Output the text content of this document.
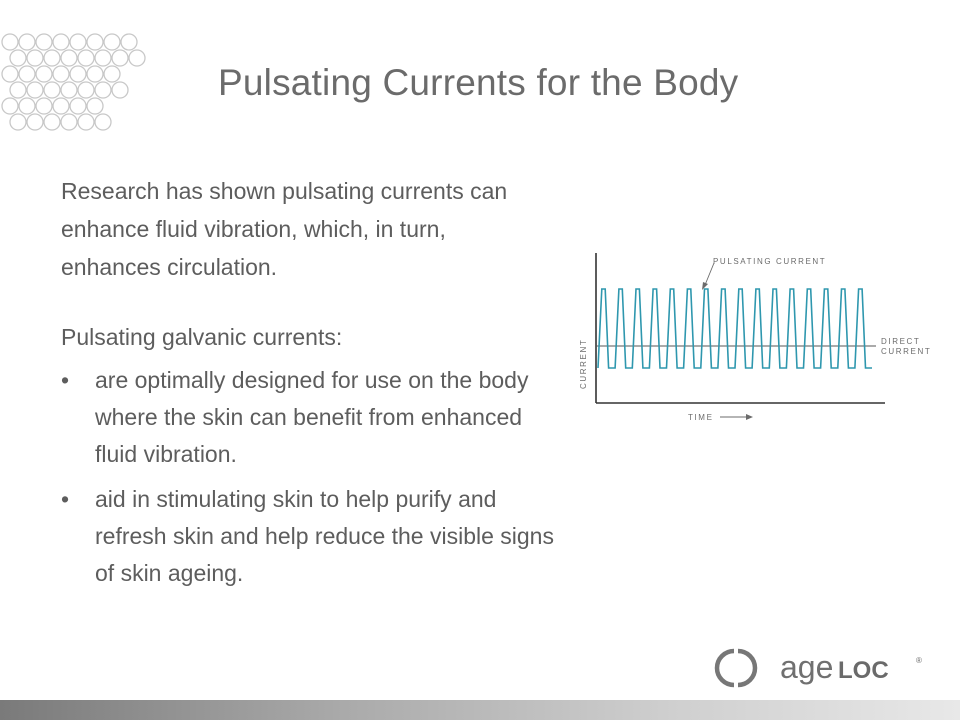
Pulsating Currents for the Body

Research has shown pulsating currents can enhance fluid vibration, which, in turn, enhances circulation.

Pulsating galvanic currents:

• are optimally designed for use on the body where the skin can benefit from enhanced fluid vibration.
• aid in stimulating skin to help purify and refresh skin and help reduce the visible signs of skin ageing.
PULSATING CURRENT
DIRECT
CURRENT
CURRENT
TIME
age LOC	®
